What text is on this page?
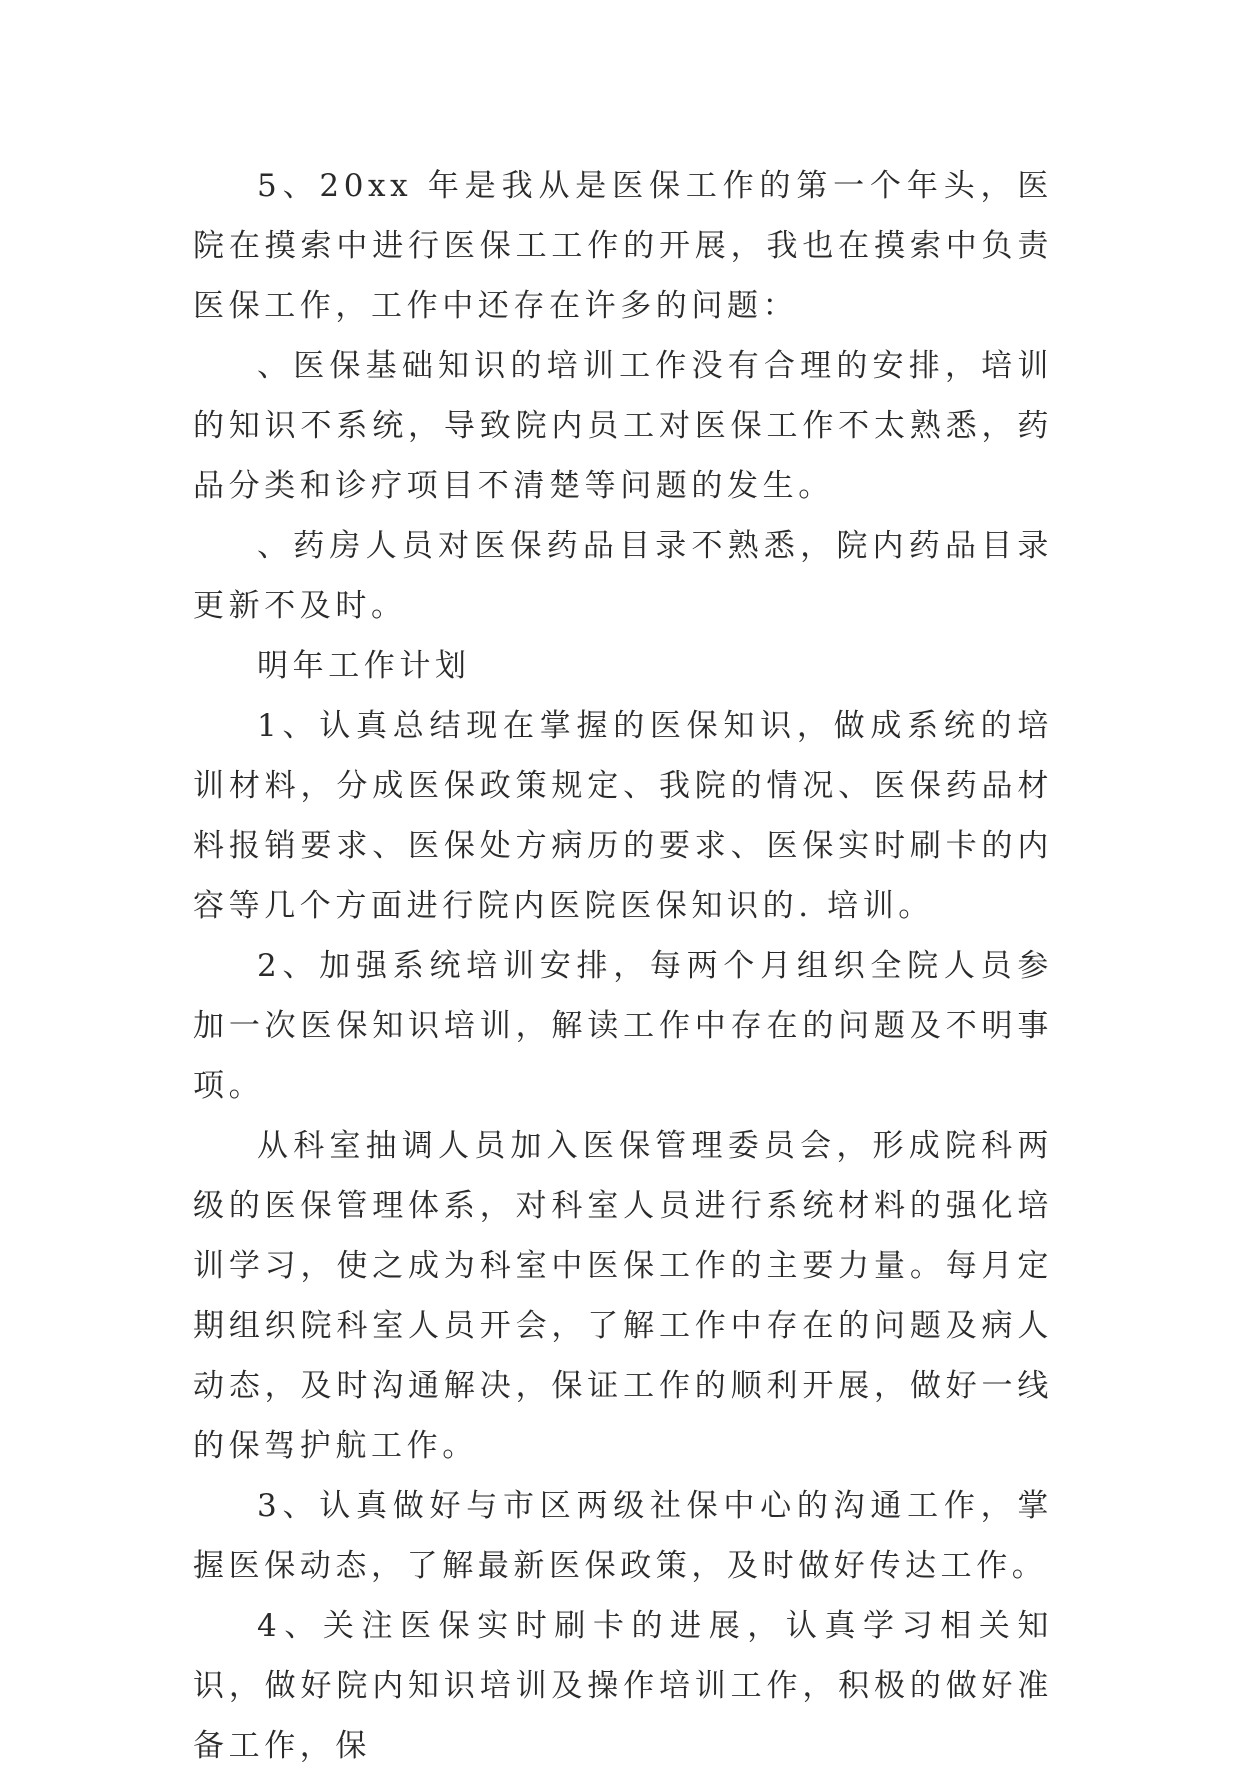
5、20xx 年是我从是医保工作的第一个年头，医院在摸索中进行医保工工作的开展，我也在摸索中负责医保工作，工作中还存在许多的问题：

、医保基础知识的培训工作没有合理的安排，培训的知识不系统，导致院内员工对医保工作不太熟悉，药品分类和诊疗项目不清楚等问题的发生。

、药房人员对医保药品目录不熟悉，院内药品目录更新不及时。

明年工作计划

1、认真总结现在掌握的医保知识，做成系统的培训材料，分成医保政策规定、我院的情况、医保药品材料报销要求、医保处方病历的要求、医保实时刷卡的内容等几个方面进行院内医院医保知识的. 培训。

2、加强系统培训安排，每两个月组织全院人员参加一次医保知识培训，解读工作中存在的问题及不明事项。

从科室抽调人员加入医保管理委员会，形成院科两级的医保管理体系，对科室人员进行系统材料的强化培训学习，使之成为科室中医保工作的主要力量。每月定期组织院科室人员开会，了解工作中存在的问题及病人动态，及时沟通解决，保证工作的顺利开展，做好一线的保驾护航工作。

3、认真做好与市区两级社保中心的沟通工作，掌握医保动态，了解最新医保政策，及时做好传达工作。

4、关注医保实时刷卡的进展，认真学习相关知识，做好院内知识培训及操作培训工作，积极的做好准备工作，保
